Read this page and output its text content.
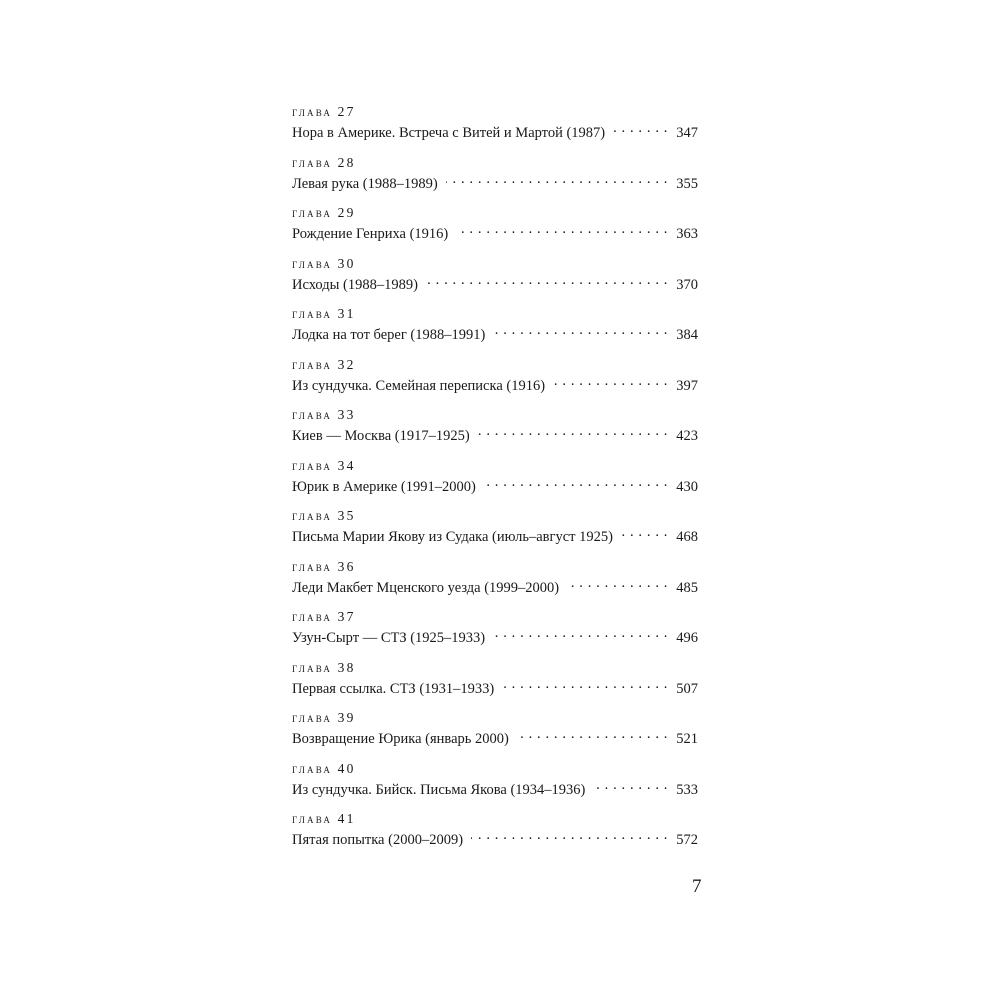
глава 27
Нора в Америке. Встреча с Витей и Мартой (1987) . . .	347
глава 28
Левая рука (1988–1989) . . .	355
глава 29
Рождение Генриха (1916) . . .	363
глава 30
Исходы (1988–1989) . . .	370
глава 31
Лодка на тот берег (1988–1991) . . .	384
глава 32
Из сундучка. Семейная переписка (1916) . . .	397
глава 33
Киев — Москва (1917–1925) . . .	423
глава 34
Юрик в Америке (1991–2000) . . .	430
глава 35
Письма Марии Якову из Судака (июль–август 1925) . . .	468
глава 36
Леди Макбет Мценского уезда (1999–2000) . . .	485
глава 37
Узун-Сырт — СТЗ (1925–1933) . . .	496
глава 38
Первая ссылка. СТЗ (1931–1933) . . .	507
глава 39
Возвращение Юрика (январь 2000) . . .	521
глава 40
Из сундучка. Бийск. Письма Якова (1934–1936) . . .	533
глава 41
Пятая попытка (2000–2009) . . .	572
7
